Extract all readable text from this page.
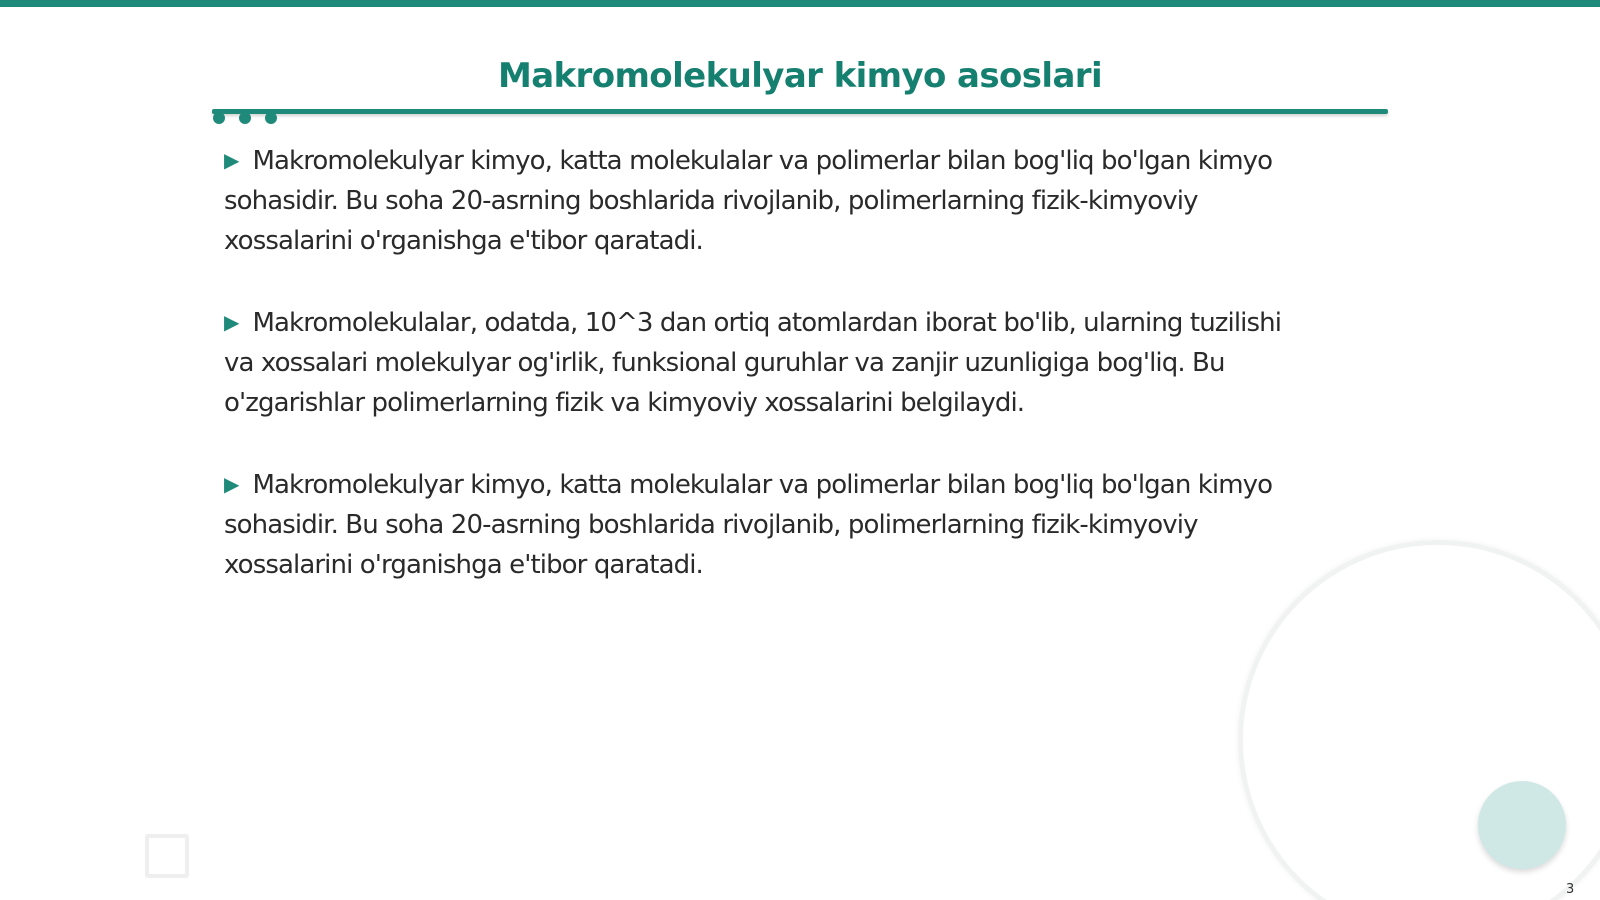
Makromolekulyar kimyo asoslari

▶ Makromolekulyar kimyo, katta molekulalar va polimerlar bilan bog'liq bo'lgan kimyo sohasidir. Bu soha 20-asrning boshlarida rivojlanib, polimerlarning fizik-kimyoviy xossalarini o'rganishga e'tibor qaratadi.

▶ Makromolekulalar, odatda, 10^3 dan ortiq atomlardan iborat bo'lib, ularning tuzilishi va xossalari molekulyar og'irlik, funksional guruhlar va zanjir uzunligiga bog'liq. Bu o'zgarishlar polimerlarning fizik va kimyoviy xossalarini belgilaydi.

▶ Makromolekulyar kimyo, katta molekulalar va polimerlar bilan bog'liq bo'lgan kimyo sohasidir. Bu soha 20-asrning boshlarida rivojlanib, polimerlarning fizik-kimyoviy xossalarini o'rganishga e'tibor qaratadi.

3
